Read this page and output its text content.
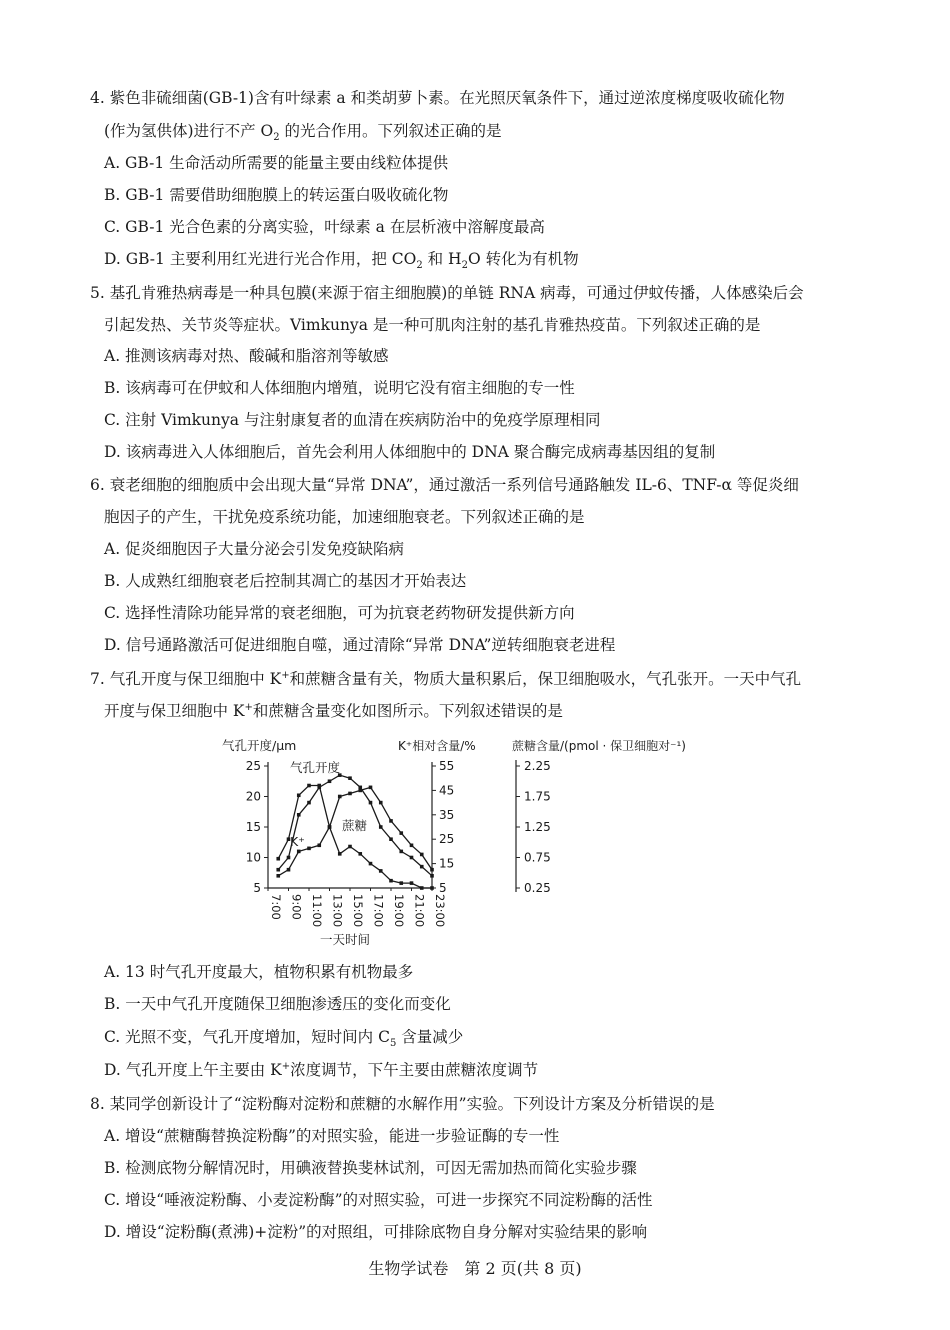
4. 紫色非硫细菌(GB-1)含有叶绿素 a 和类胡萝卜素。在光照厌氧条件下，通过逆浓度梯度吸收硫化物
(作为氢供体)进行不产 $O_2$ 的光合作用。下列叙述正确的是
A. GB-1 生命活动所需要的能量主要由线粒体提供
B. GB-1 需要借助细胞膜上的转运蛋白吸收硫化物
C. GB-1 光合色素的分离实验，叶绿素 a 在层析液中溶解度最高
D. GB-1 主要利用红光进行光合作用，把 $CO_2$ 和 $H_2O$ 转化为有机物
5. 基孔肯雅热病毒是一种具包膜(来源于宿主细胞膜)的单链 RNA 病毒，可通过伊蚊传播，人体感染后会
引起发热、关节炎等症状。Vimkunya 是一种可肌肉注射的基孔肯雅热疫苗。下列叙述正确的是
A. 推测该病毒对热、酸碱和脂溶剂等敏感
B. 该病毒可在伊蚊和人体细胞内增殖，说明它没有宿主细胞的专一性
C. 注射 Vimkunya 与注射康复者的血清在疾病防治中的免疫学原理相同
D. 该病毒进入人体细胞后，首先会利用人体细胞中的 DNA 聚合酶完成病毒基因组的复制
6. 衰老细胞的细胞质中会出现大量“异常 DNA”，通过激活一系列信号通路触发 IL-6、TNF-α 等促炎细
胞因子的产生，干扰免疫系统功能，加速细胞衰老。下列叙述正确的是
A. 促炎细胞因子大量分泌会引发免疫缺陷病
B. 人成熟红细胞衰老后控制其凋亡的基因才开始表达
C. 选择性清除功能异常的衰老细胞，可为抗衰老药物研发提供新方向
D. 信号通路激活可促进细胞自噬，通过清除“异常 DNA”逆转细胞衰老进程
7. 气孔开度与保卫细胞中 K+和蔗糖含量有关，物质大量积累后，保卫细胞吸水，气孔张开。一天中气孔
开度与保卫细胞中 K+和蔗糖含量变化如图所示。下列叙述错误的是
气孔开度/μm	K⁺相对含量/%	蔗糖含量/(pmol · 保卫细胞对⁻¹)
25
20
15
10
5
55
45
35
25
15
5
2.25
1.75
1.25
0.75
0.25
7:00 9:00 11:00 13:00 15:00 17:00 19:00 21:00 23:00
气孔开度
K⁺
蔗糖
一天时间
A. 13 时气孔开度最大，植物积累有机物最多
B. 一天中气孔开度随保卫细胞渗透压的变化而变化
C. 光照不变，气孔开度增加，短时间内 $C_5$ 含量减少
D. 气孔开度上午主要由 K+浓度调节，下午主要由蔗糖浓度调节
8. 某同学创新设计了“淀粉酶对淀粉和蔗糖的水解作用”实验。下列设计方案及分析错误的是
A. 增设“蔗糖酶替换淀粉酶”的对照实验，能进一步验证酶的专一性
B. 检测底物分解情况时，用碘液替换斐林试剂，可因无需加热而简化实验步骤
C. 增设“唾液淀粉酶、小麦淀粉酶”的对照实验，可进一步探究不同淀粉酶的活性
D. 增设“淀粉酶(煮沸)+淀粉”的对照组，可排除底物自身分解对实验结果的影响
生物学试卷　第 2 页(共 8 页)
